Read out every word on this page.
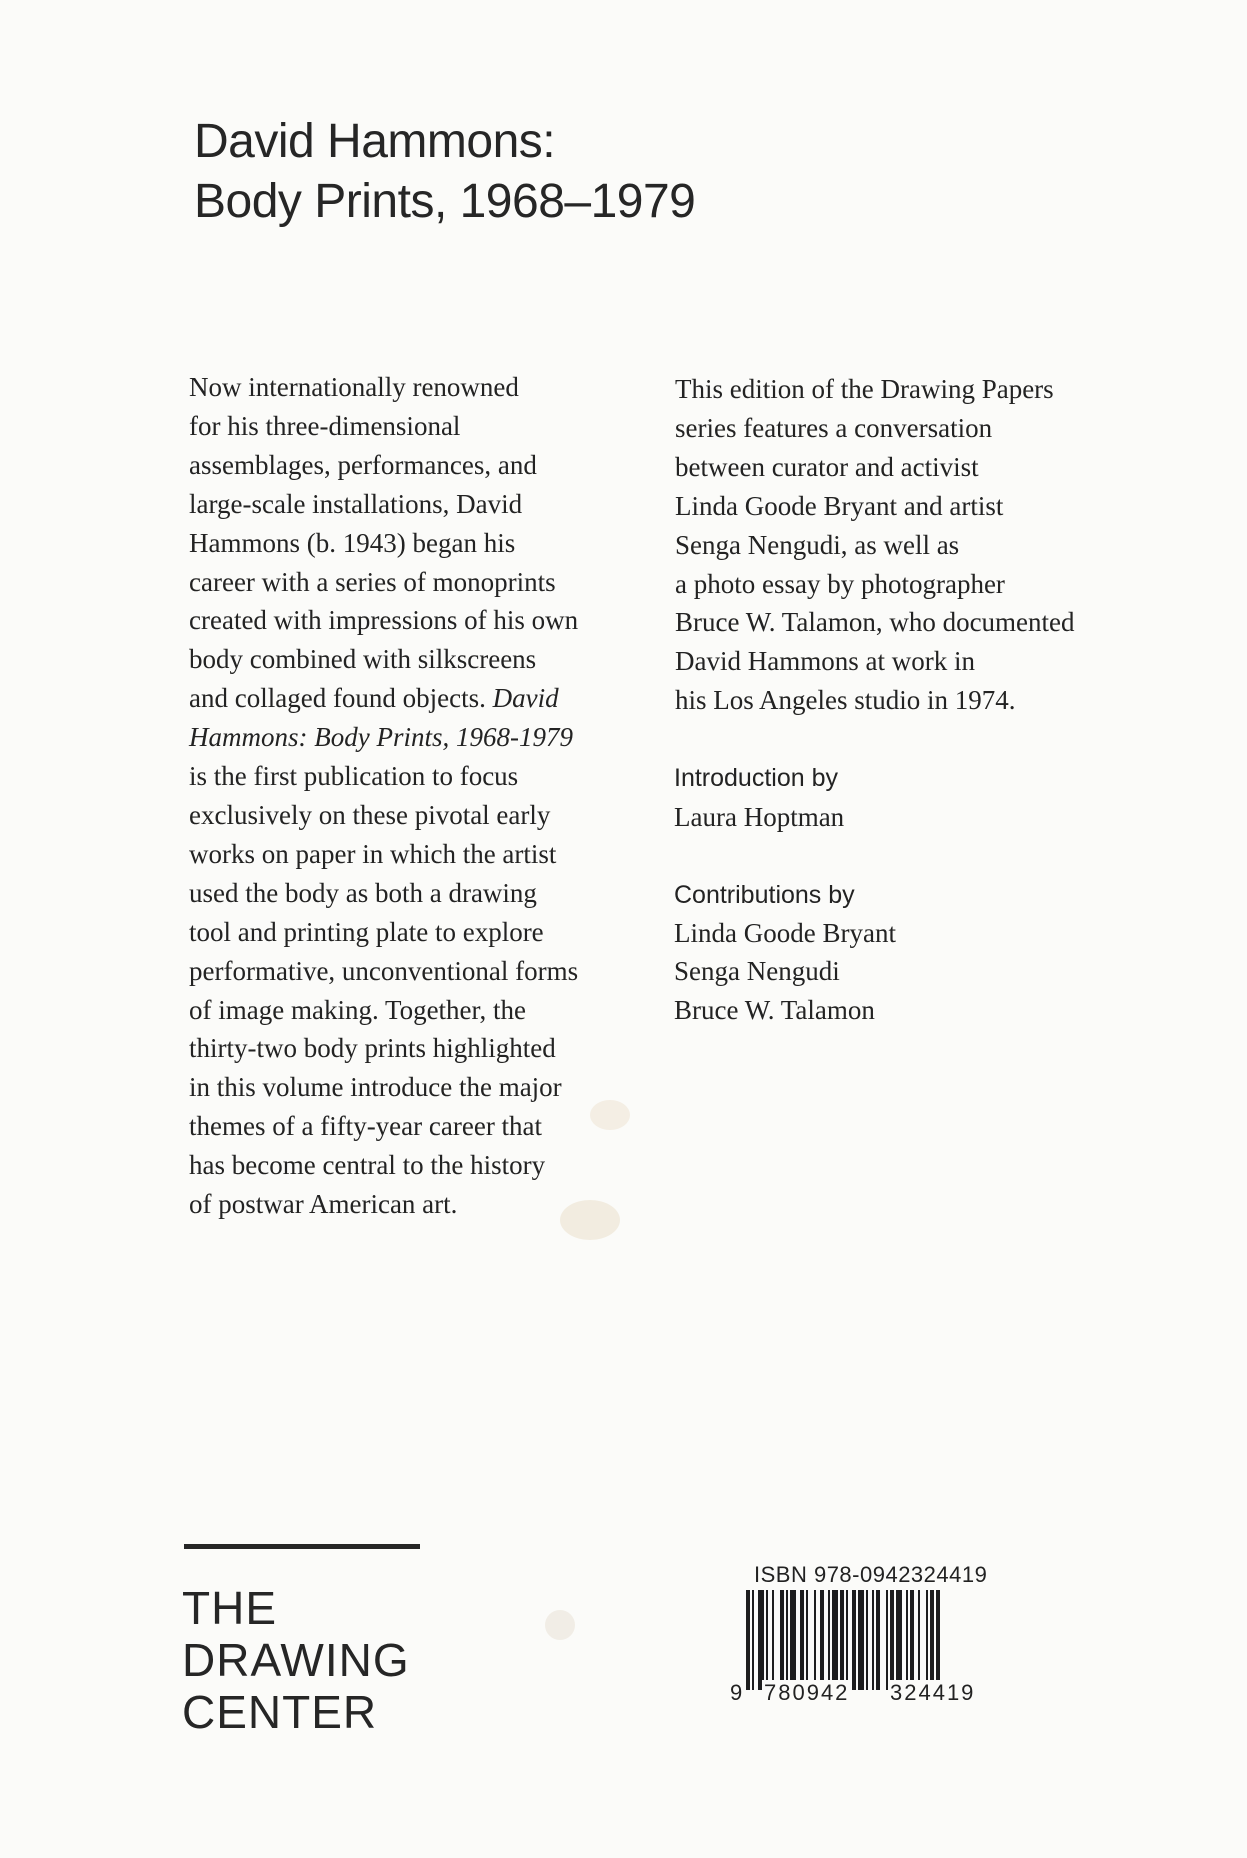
David Hammons:
Body Prints, 1968–1979
Now internationally renowned
for his three-dimensional
assemblages, performances, and
large-scale installations, David
Hammons (b. 1943) began his
career with a series of monoprints
created with impressions of his own
body combined with silkscreens
and collaged found objects. David
Hammons: Body Prints, 1968-1979
is the first publication to focus
exclusively on these pivotal early
works on paper in which the artist
used the body as both a drawing
tool and printing plate to explore
performative, unconventional forms
of image making. Together, the
thirty-two body prints highlighted
in this volume introduce the major
themes of a fifty-year career that
has become central to the history
of postwar American art.
This edition of the Drawing Papers
series features a conversation
between curator and activist
Linda Goode Bryant and artist
Senga Nengudi, as well as
a photo essay by photographer
Bruce W. Talamon, who documented
David Hammons at work in
his Los Angeles studio in 1974.
Introduction by
Laura Hoptman
Contributions by
Linda Goode Bryant
Senga Nengudi
Bruce W. Talamon
THE
DRAWING
CENTER
ISBN 978-0942324419
9 780942 324419
